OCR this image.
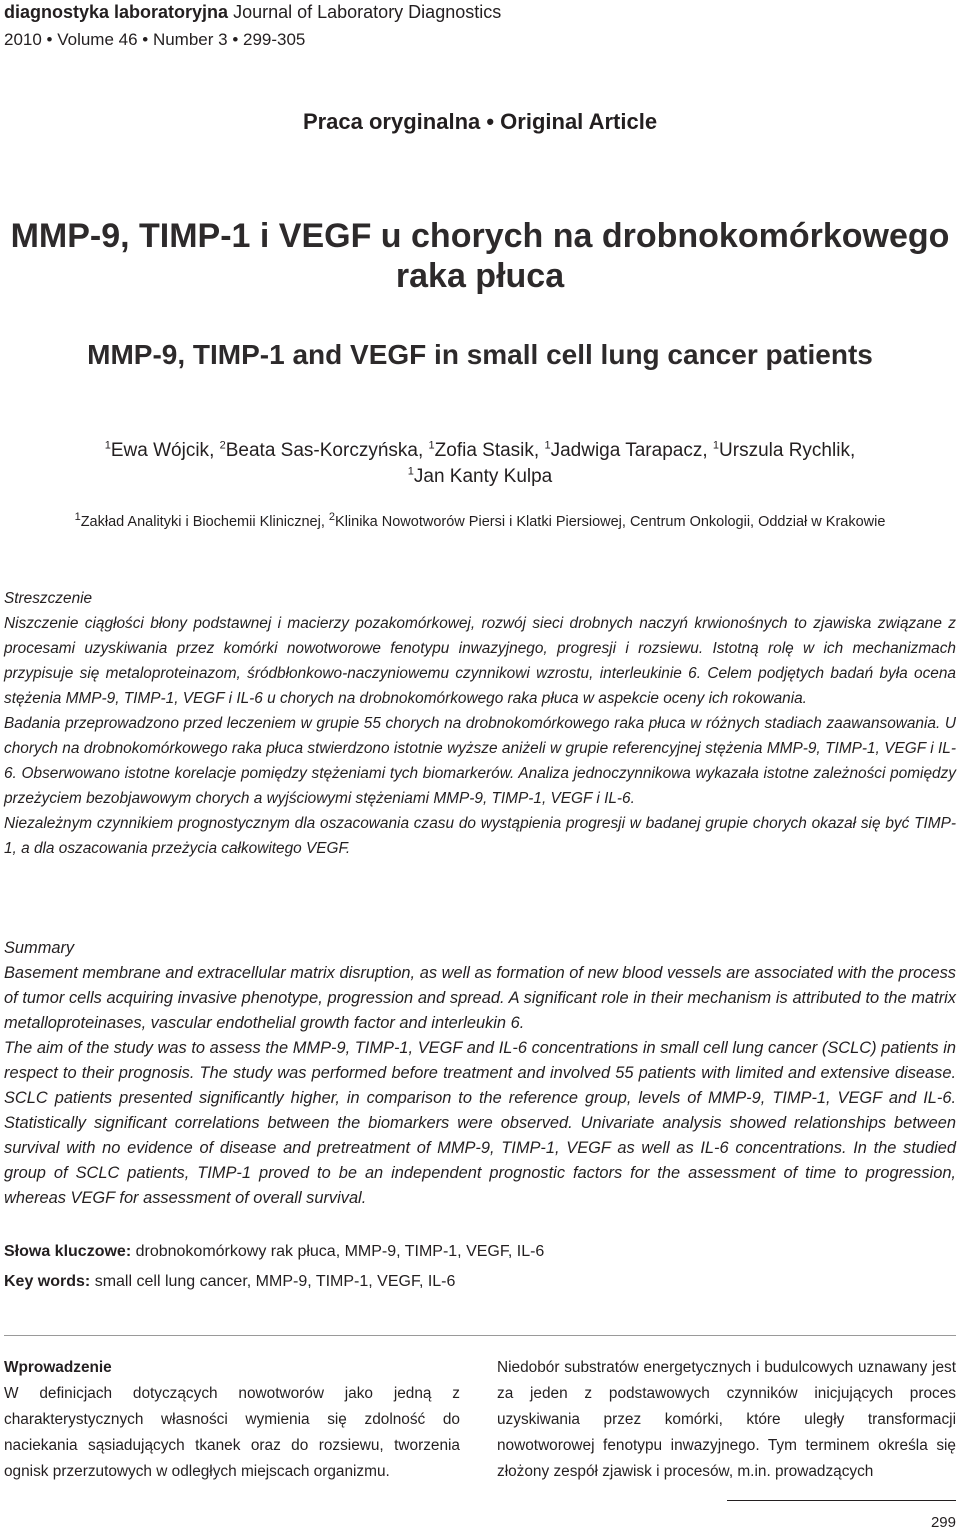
diagnostyka laboratoryjna Journal of Laboratory Diagnostics
2010 • Volume 46 • Number 3 • 299-305
Praca oryginalna • Original Article
MMP-9, TIMP-1 i VEGF u chorych na drobnokomórkowego
raka płuca
MMP-9, TIMP-1 and VEGF in small cell lung cancer patients
$^1$Ewa Wójcik, $^2$Beata Sas-Korczyńska, $^1$Zofia Stasik, $^1$Jadwiga Tarapacz, $^1$Urszula Rychlik,
$^1$Jan Kanty Kulpa
$^1$Zakład Analityki i Biochemii Klinicznej, $^2$Klinika Nowotworów Piersi i Klatki Piersiowej, Centrum Onkologii, Oddział w Krakowie
Streszczenie

Niszczenie ciągłości błony podstawnej i macierzy pozakomórkowej, rozwój sieci drobnych naczyń krwionośnych to zjawiska związane z procesami uzyskiwania przez komórki nowotworowe fenotypu inwazyjnego, progresji i rozsiewu. Istotną rolę w ich mechanizmach przypisuje się metaloproteinazom, śródbłonkowo-naczyniowemu czynnikowi wzrostu, interleukinie 6. Celem podjętych badań była ocena stężenia MMP-9, TIMP-1, VEGF i IL-6 u chorych na drobnokomórkowego raka płuca w aspekcie oceny ich rokowania.

Badania przeprowadzono przed leczeniem w grupie 55 chorych na drobnokomórkowego raka płuca w różnych stadiach zaawansowania. U chorych na drobnokomórkowego raka płuca stwierdzono istotnie wyższe aniżeli w grupie referencyjnej stężenia MMP-9, TIMP-1, VEGF i IL-6. Obserwowano istotne korelacje pomiędzy stężeniami tych biomarkerów. Analiza jednoczynnikowa wykazała istotne zależności pomiędzy przeżyciem bezobjawowym chorych a wyjściowymi stężeniami MMP-9, TIMP-1, VEGF i IL-6.

Niezależnym czynnikiem prognostycznym dla oszacowania czasu do wystąpienia progresji w badanej grupie chorych okazał się być TIMP-1, a dla oszacowania przeżycia całkowitego VEGF.

Summary

Basement membrane and extracellular matrix disruption, as well as formation of new blood vessels are associated with the process of tumor cells acquiring invasive phenotype, progression and spread. A significant role in their mechanism is attributed to the matrix metalloproteinases, vascular endothelial growth factor and interleukin 6.

The aim of the study was to assess the MMP-9, TIMP-1, VEGF and IL-6 concentrations in small cell lung cancer (SCLC) patients in respect to their prognosis. The study was performed before treatment and involved 55 patients with limited and extensive disease. SCLC patients presented significantly higher, in comparison to the reference group, levels of MMP-9, TIMP-1, VEGF and IL-6. Statistically significant correlations between the biomarkers were observed. Univariate analysis showed relationships between survival with no evidence of disease and pretreatment of MMP-9, TIMP-1, VEGF as well as IL-6 concentrations. In the studied group of SCLC patients, TIMP-1 proved to be an independent prognostic factors for the assessment of time to progression, whereas VEGF for assessment of overall survival.

Słowa kluczowe: drobnokomórkowy rak płuca, MMP-9, TIMP-1, VEGF, IL-6
Key words: small cell lung cancer, MMP-9, TIMP-1, VEGF, IL-6
Wprowadzenie
W definicjach dotyczących nowotworów jako jedną z charakterystycznych własności wymienia się zdolność do naciekania sąsiadujących tkanek oraz do rozsiewu, tworzenia ognisk przerzutowych w odległych miejscach organizmu.
Niedobór substratów energetycznych i budulcowych uznawany jest za jeden z podstawowych czynników inicjujących proces uzyskiwania przez komórki, które uległy transformacji nowotworowej fenotypu inwazyjnego. Tym terminem określa się złożony zespół zjawisk i procesów, m.in. prowadzących
299
